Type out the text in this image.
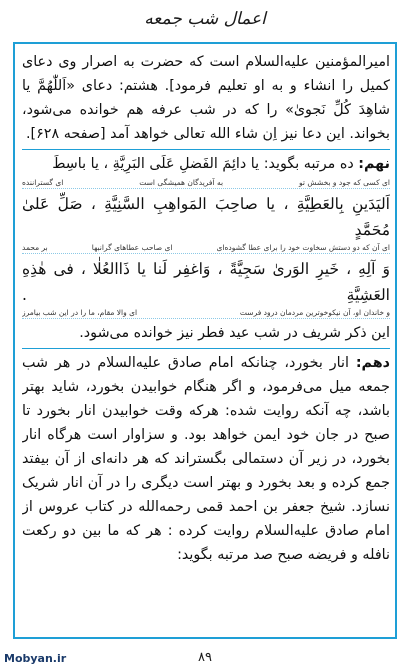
اعمال شب جمعه

امیرالمؤمنین علیه‌السلام است که حضرت به اصرار وی دعای کمیل را انشاء و به او تعلیم فرمود]. هشتم: دعای «اَللّٰهُمَّ یا شاهِدَ کُلِّ نَجویٰ» را که در شب عرفه هم خوانده می‌شود، بخواند. این دعا نیز اِن شاء الله تعالی خواهد آمد [صفحه ۶۲۸].

نهم: ده مرتبه بگوید: یا دائِمَ الفَضلِ عَلَی البَرِیَّةِ ، یا باسِطَ

ای کسی که جود و بخشش تو
به آفریدگان همیشگی است
ای گستراننده
اَلیَدَینِ بِالعَطِیَّةِ ، یا صاحِبَ المَواهِبِ السَّنِیَّةِ ، صَلِّ عَلیٰ مُحَمَّدٍ
ای آن که دو دستش سخاوت خود را برای عطا گشوده‌ای
ای صاحب عطاهای گرانبها
بر محمد
وَ آلِهِ ، خَیرِ الوَریٰ سَجِیَّةً ، وَاغفِر لَنا یا ذَاالعُلٰا ، فی هٰذِهِ العَشِیَّةِ .
و خاندان او، آن نیکوخوترین مردمان درود فرست
ای والا مقام، ما را در این شب بیامرز

این ذکر شریف در شب عید فطر نیز خوانده می‌شود.

دهم: انار بخورد، چنانکه امام صادق علیه‌السلام در هر شب جمعه میل می‌فرمود، و اگر هنگام خوابیدن بخورد، شاید بهتر باشد، چه آنکه روایت شده: هرکه وقت خوابیدن انار بخورد تا صبح در جان خود ایمن خواهد بود. و سزاوار است هرگاه انار بخورد، در زیر آن دستمالی بگستراند که هر دانه‌ای از آن بیفتد جمع کرده و بعد بخورد و بهتر است دیگری را در آن انار شریک نسازد. شیخ جعفر بن احمد قمی رحمه‌الله در کتاب عروس از امام صادق علیه‌السلام روایت کرده : هر که ما بین دو رکعت نافله و فریضه صبح صد مرتبه بگوید:

Mobyan.ir	۸۹
